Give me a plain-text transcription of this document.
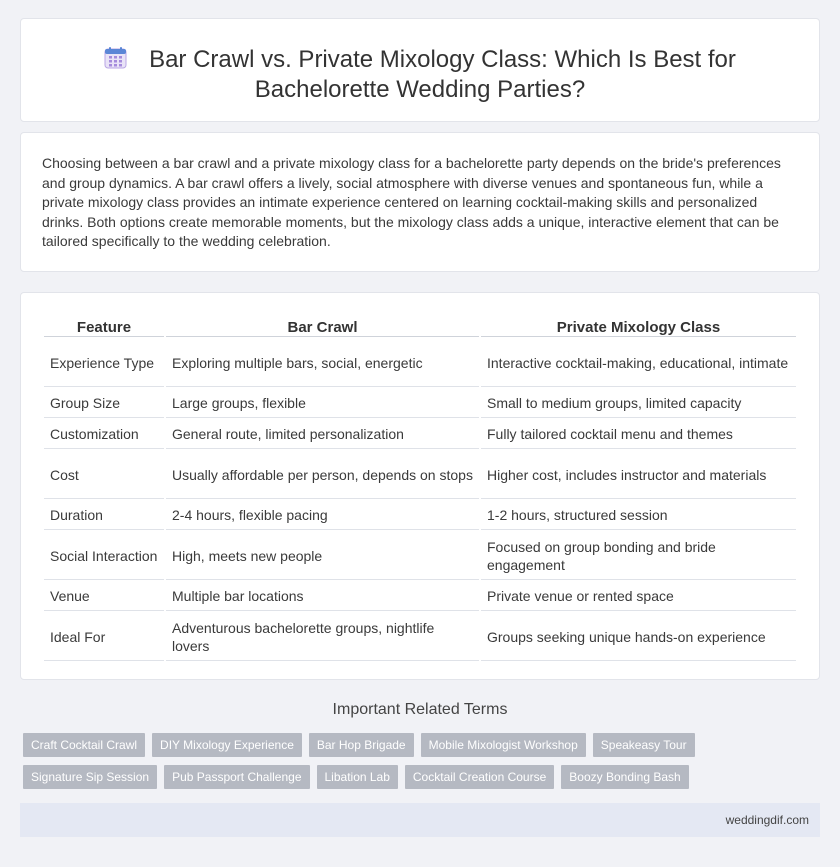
Bar Crawl vs. Private Mixology Class: Which Is Best for
Bachelorette Wedding Parties?

Choosing between a bar crawl and a private mixology class for a bachelorette party depends on the bride's preferences and group dynamics. A bar crawl offers a lively, social atmosphere with diverse venues and spontaneous fun, while a private mixology class provides an intimate experience centered on learning cocktail-making skills and personalized drinks. Both options create memorable moments, but the mixology class adds a unique, interactive element that can be tailored specifically to the wedding celebration.

Feature	Bar Crawl	Private Mixology Class
Experience Type	Exploring multiple bars, social, energetic	Interactive cocktail-making, educational, intimate
Group Size	Large groups, flexible	Small to medium groups, limited capacity
Customization	General route, limited personalization	Fully tailored cocktail menu and themes
Cost	Usually affordable per person, depends on stops	Higher cost, includes instructor and materials
Duration	2-4 hours, flexible pacing	1-2 hours, structured session
Social Interaction	High, meets new people	Focused on group bonding and bride engagement
Venue	Multiple bar locations	Private venue or rented space
Ideal For	Adventurous bachelorette groups, nightlife lovers	Groups seeking unique hands-on experience
Important Related Terms
Craft Cocktail Crawl	DIY Mixology Experience	Bar Hop Brigade	Mobile Mixologist Workshop	Speakeasy Tour
Signature Sip Session	Pub Passport Challenge	Libation Lab	Cocktail Creation Course	Boozy Bonding Bash
weddingdif.com
